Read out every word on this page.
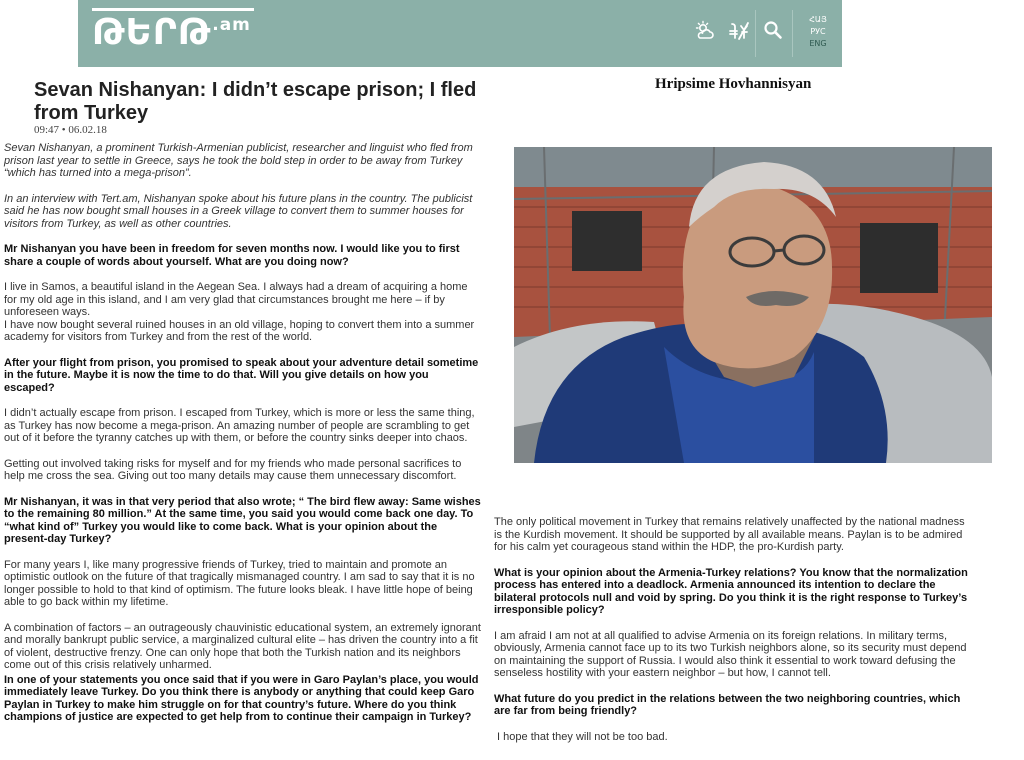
ԹԵՐԹ$^{.am}$	ՀԱՅ
РУС
ENG
Sevan Nishanyan: I didn’t escape prison; I fled from Turkey
Hripsime Hovhannisyan
09:47 • 06.02.18

Sevan Nishanyan, a prominent Turkish-Armenian publicist, researcher and linguist who fled from prison last year to settle in Greece, says he took the bold step in order to be away from Turkey “which has turned into a mega-prison”.

In an interview with Tert.am, Nishanyan spoke about his future plans in the country. The publicist said he has now bought small houses in a Greek village to convert them to summer houses for visitors from Turkey, as well as other countries.

Mr Nishanyan you have been in freedom for seven months now. I would like you to first share a couple of words about yourself. What are you doing now?

I live in Samos, a beautiful island in the Aegean Sea. I always had a dream of acquiring a home for my old age in this island, and I am very glad that circumstances brought me here – if by unforeseen ways.
I have now bought several ruined houses in an old village, hoping to convert them into a summer academy for visitors from Turkey and from the rest of the world.

After your flight from prison, you promised to speak about your adventure detail sometime in the future. Maybe it is now the time to do that. Will you give details on how you escaped?

I didn’t actually escape from prison. I escaped from Turkey, which is more or less the same thing, as Turkey has now become a mega-prison. An amazing number of people are scrambling to get out of it before the tyranny catches up with them, or before the country sinks deeper into chaos.

Getting out involved taking risks for myself and for my friends who made personal sacrifices to help me cross the sea. Giving out too many details may cause them unnecessary discomfort.

Mr Nishanyan, it was in that very period that also wrote; “ The bird flew away: Same wishes to the remaining 80 million.” At the same time, you said you would come back one day. To “what kind of” Turkey you would like to come back. What is your opinion about the present-day Turkey?

For many years I, like many progressive friends of Turkey, tried to maintain and promote an optimistic outlook on the future of that tragically mismanaged country. I am sad to say that it is no longer possible to hold to that kind of optimism. The future looks bleak. I have little hope of being able to go back within my lifetime.

A combination of factors – an outrageously chauvinistic educational system, an extremely ignorant and morally bankrupt public service, a marginalized cultural elite – has driven the country into a fit of violent, destructive frenzy. One can only hope that both the Turkish nation and its neighbors come out of this crisis relatively unharmed.

In one of your statements you once said that if you were in Garo Paylan’s place, you would immediately leave Turkey. Do you think there is anybody or anything that could keep Garo Paylan in Turkey to make him struggle on for that country’s future. Where do you think champions of justice are expected to get help from to continue their campaign in Turkey?

The only political movement in Turkey that remains relatively unaffected by the national madness is the Kurdish movement. It should be supported by all available means. Paylan is to be admired for his calm yet courageous stand within the HDP, the pro-Kurdish party.

What is your opinion about the Armenia-Turkey relations? You know that the normalization process has entered into a deadlock. Armenia announced its intention to declare the bilateral protocols null and void by spring. Do you think it is the right response to Turkey’s irresponsible policy?

I am afraid I am not at all qualified to advise Armenia on its foreign relations. In military terms, obviously, Armenia cannot face up to its two Turkish neighbors alone, so its security must depend on maintaining the support of Russia. I would also think it essential to work toward defusing the senseless hostility with your eastern neighbor – but how, I cannot tell.

What future do you predict in the relations between the two neighboring countries, which are far from being friendly?

I hope that they will not be too bad.
